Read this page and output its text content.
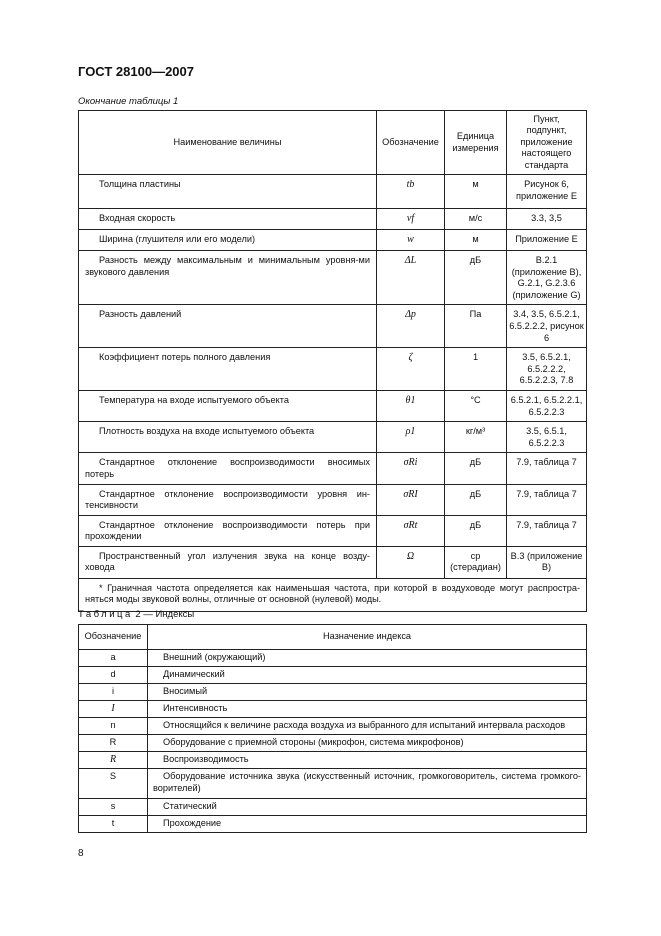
ГОСТ 28100—2007
Окончание таблицы 1
Наименование величины	Обозначение	Единица измерения	Пункт, подпункт, приложение настоящего стандарта

Толщина пластины	tb	м	Рисунок 6, приложение Е

Входная скорость	vf	м/с	3.3, 3,5

Ширина (глушителя или его модели)	w	м	Приложение Е

Разность между максимальным и минимальным уровня-ми звукового давления	ΔL	дБ	В.2.1 (приложение В), G.2.1, G.2.3.6 (приложение G)

Разность давлений	Δp	Па	3.4, 3.5, 6.5.2.1, 6.5.2.2.2, рисунок 6

Коэффициент потерь полного давления	ζ	1	3.5, 6.5.2.1, 6.5.2.2.2, 6.5.2.2.3, 7.8

Температура на входе испытуемого объекта	θ1	°С	6.5.2.1, 6.5.2.2.1, 6.5.2.2.3

Плотность воздуха на входе испытуемого объекта	ρ1	кг/м³	3.5, 6.5.1, 6.5.2.2.3

Стандартное отклонение воспроизводимости вносимых потерь	σRi	дБ	7.9, таблица 7

Стандартное отклонение воспроизводимости уровня ин-тенсивности	σRI	дБ	7.9, таблица 7

Стандартное отклонение воспроизводимости потерь при прохождении	σRt	дБ	7.9, таблица 7

Пространственный угол излучения звука на конце возду-ховода	Ω	ср (стерадиан)	В.3 (приложение В)

* Граничная частота определяется как наименьшая частота, при которой в воздуховоде могут распростра-няться моды звуковой волны, отличные от основной (нулевой) моды.			
Таблица 2 — Индексы
Обозначение	Назначение индекса
a	Внешний (окружающий)

d	Динамический

i	Вносимый

I	Интенсивность

n	Относящийся к величине расхода воздуха из выбранного для испытаний интервала расходов

R	Оборудование с приемной стороны (микрофон, система микрофонов)

R	Воспроизводимость

S	Оборудование источника звука (искусственный источник, громкоговоритель, система громкого-ворителей)

s	Статический

t	Прохождение
8
